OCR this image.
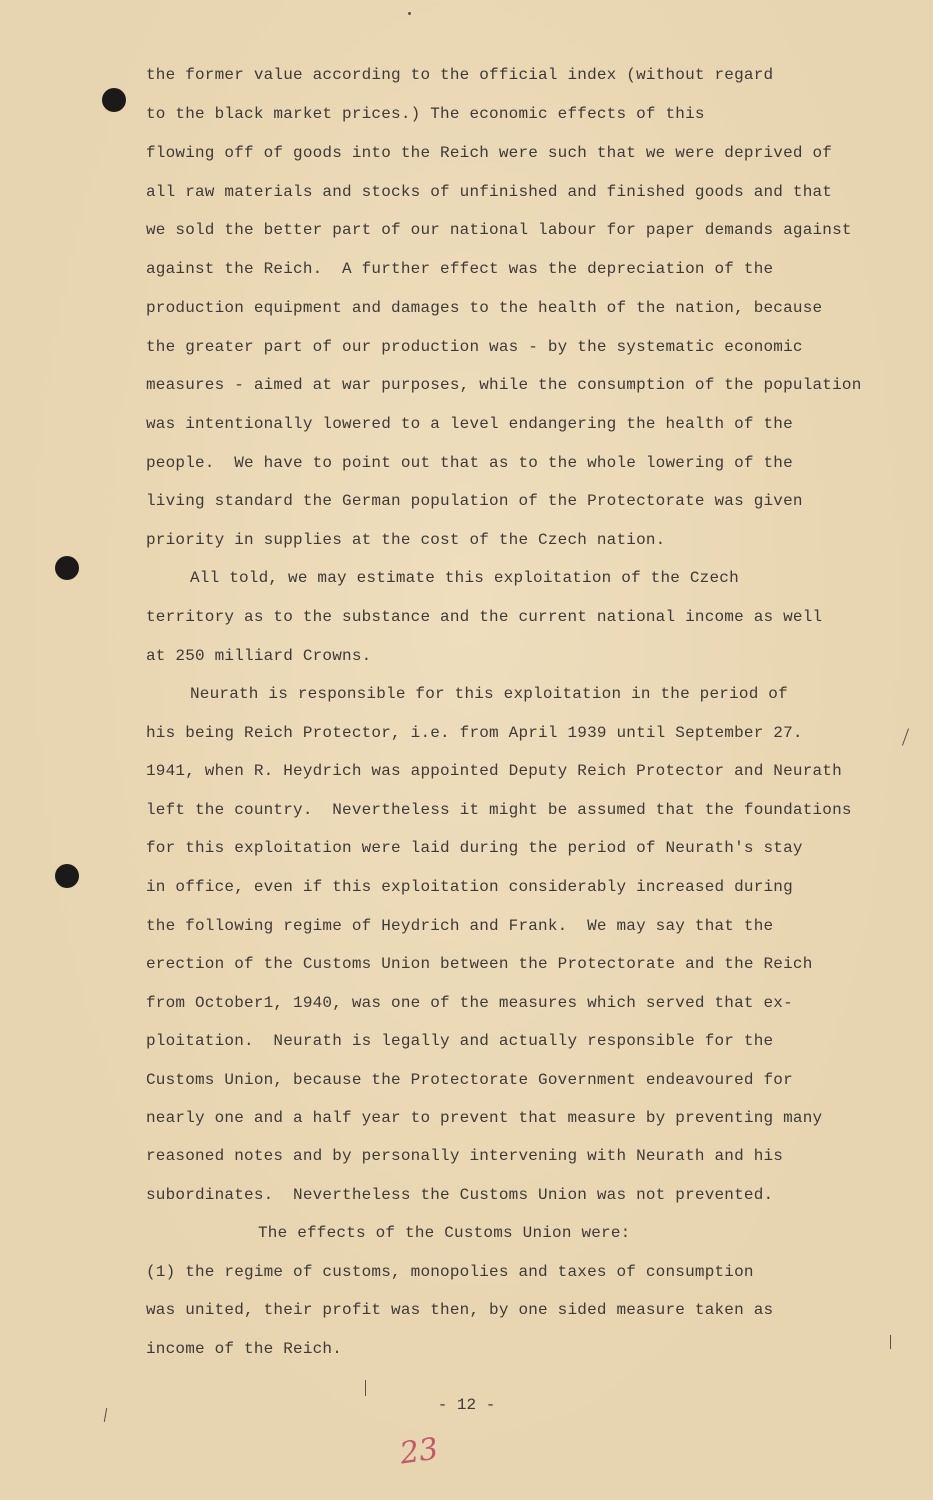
the former value according to the official index (without regard
to the black market prices.) The economic effects of this
flowing off of goods into the Reich were such that we were deprived of
all raw materials and stocks of unfinished and finished goods and that
we sold the better part of our national labour for paper demands against
against the Reich.  A further effect was the depreciation of the
production equipment and damages to the health of the nation, because
the greater part of our production was - by the systematic economic
measures - aimed at war purposes, while the consumption of the population
was intentionally lowered to a level endangering the health of the
people.  We have to point out that as to the whole lowering of the
living standard the German population of the Protectorate was given
priority in supplies at the cost of the Czech nation.
All told, we may estimate this exploitation of the Czech
territory as to the substance and the current national income as well
at 250 milliard Crowns.
Neurath is responsible for this exploitation in the period of
his being Reich Protector, i.e. from April 1939 until September 27.
1941, when R. Heydrich was appointed Deputy Reich Protector and Neurath
left the country.  Nevertheless it might be assumed that the foundations
for this exploitation were laid during the period of Neurath's stay
in office, even if this exploitation considerably increased during
the following regime of Heydrich and Frank.  We may say that the
erection of the Customs Union between the Protectorate and the Reich
from October1, 1940, was one of the measures which served that ex-
ploitation.  Neurath is legally and actually responsible for the
Customs Union, because the Protectorate Government endeavoured for
nearly one and a half year to prevent that measure by preventing many
reasoned notes and by personally intervening with Neurath and his
subordinates.  Nevertheless the Customs Union was not prevented.
The effects of the Customs Union were:
(1) the regime of customs, monopolies and taxes of consumption
was united, their profit was then, by one sided measure taken as
income of the Reich.
- 12 -
23
